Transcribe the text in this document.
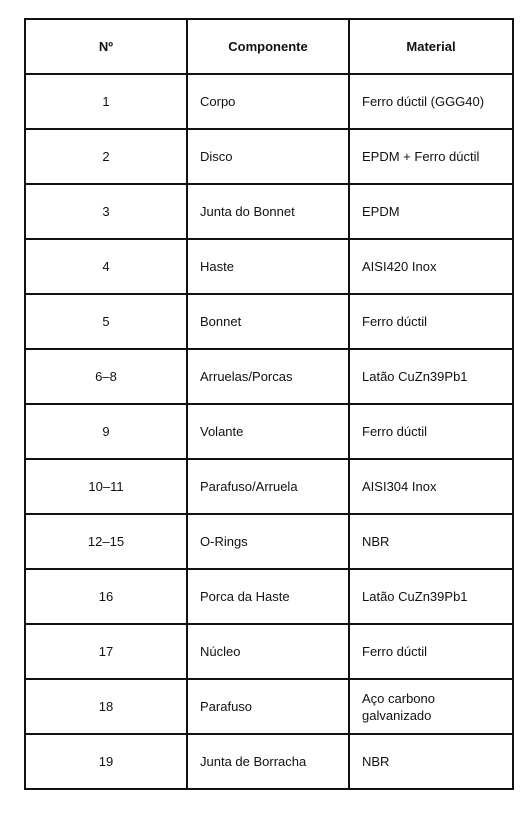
Nº	Componente	Material
1	Corpo	Ferro dúctil (GGG40)
2	Disco	EPDM + Ferro dúctil
3	Junta do Bonnet	EPDM
4	Haste	AISI420 Inox
5	Bonnet	Ferro dúctil
6–8	Arruelas/Porcas	Latão CuZn39Pb1
9	Volante	Ferro dúctil
10–11	Parafuso/Arruela	AISI304 Inox
12–15	O-Rings	NBR
16	Porca da Haste	Latão CuZn39Pb1
17	Núcleo	Ferro dúctil
18	Parafuso	Aço carbono galvanizado
19	Junta de Borracha	NBR
